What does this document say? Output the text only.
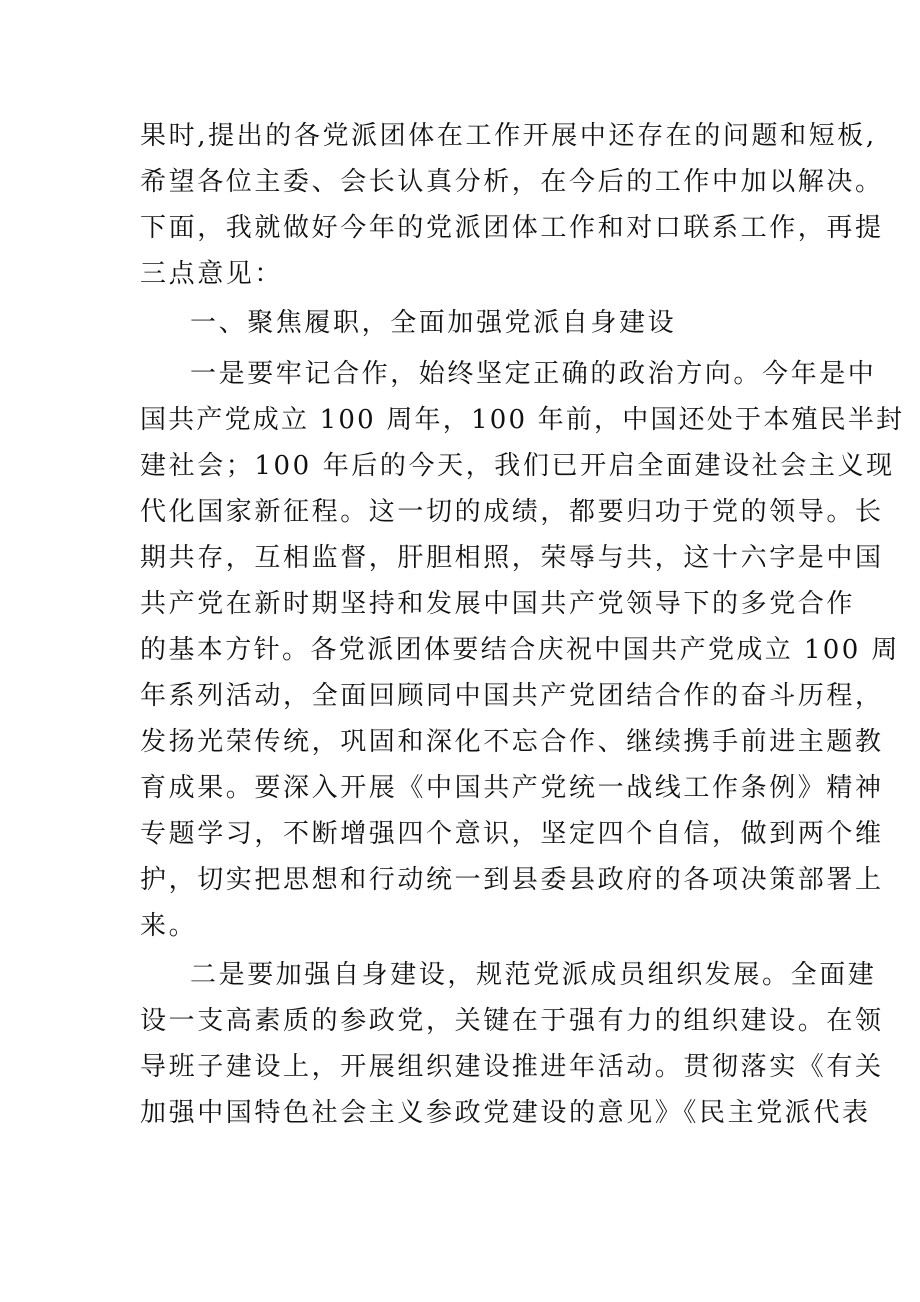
果时,提出的各党派团体在工作开展中还存在的问题和短板,
希望各位主委、会长认真分析，在今后的工作中加以解决。
下面，我就做好今年的党派团体工作和对口联系工作，再提
三点意见：
一、聚焦履职，全面加强党派自身建设
一是要牢记合作，始终坚定正确的政治方向。今年是中
国共产党成立 100 周年，100 年前，中国还处于本殖民半封
建社会；100 年后的今天，我们已开启全面建设社会主义现
代化国家新征程。这一切的成绩，都要归功于党的领导。长
期共存，互相监督，肝胆相照，荣辱与共，这十六字是中国
共产党在新时期坚持和发展中国共产党领导下的多党合作
的基本方针。各党派团体要结合庆祝中国共产党成立 100 周
年系列活动，全面回顾同中国共产党团结合作的奋斗历程，
发扬光荣传统，巩固和深化不忘合作、继续携手前进主题教
育成果。要深入开展《中国共产党统一战线工作条例》精神
专题学习，不断增强四个意识，坚定四个自信，做到两个维
护，切实把思想和行动统一到县委县政府的各项决策部署上
来。
二是要加强自身建设，规范党派成员组织发展。全面建
设一支高素质的参政党，关键在于强有力的组织建设。在领
导班子建设上，开展组织建设推进年活动。贯彻落实《有关
加强中国特色社会主义参政党建设的意见》《民主党派代表
